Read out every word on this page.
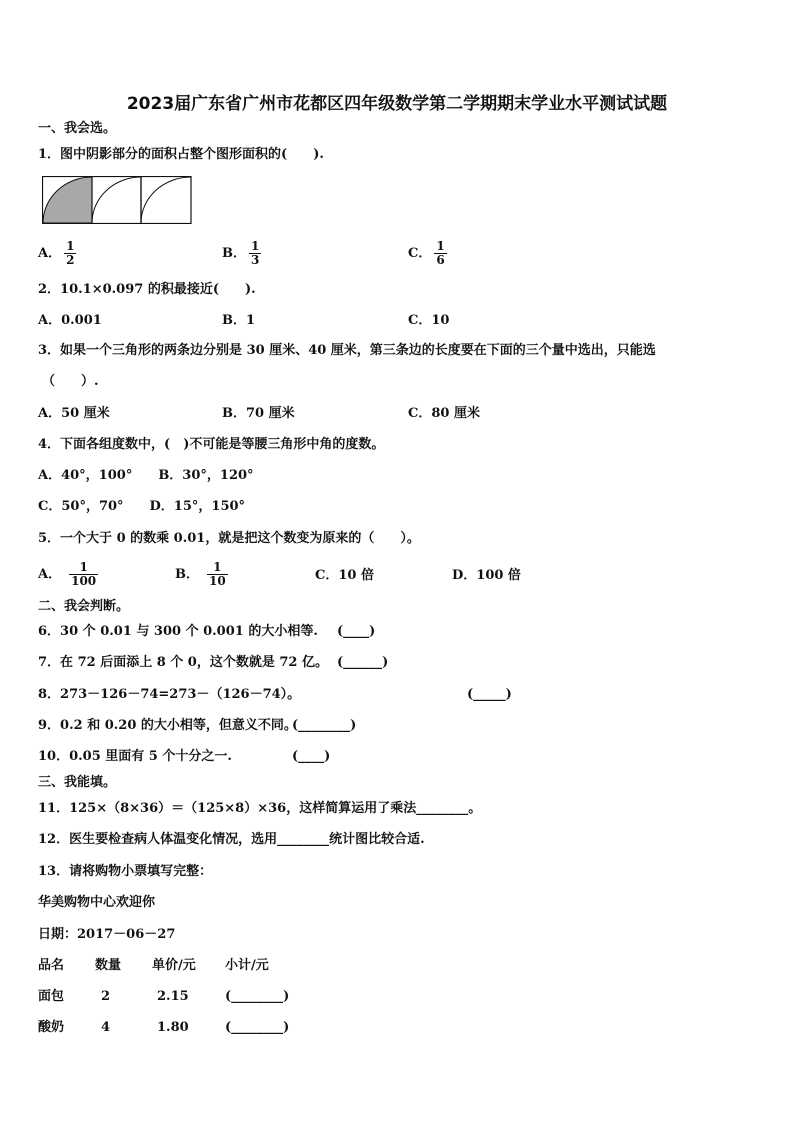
2023届广东省广州市花都区四年级数学第二学期期末学业水平测试试题
一、我会选。
1．图中阴影部分的面积占整个图形面积的(　　).
A． $\frac{1}{2}$	B． $\frac{1}{3}$	C． $\frac{1}{6}$
2．10.1×0.097 的积最接近(　　).
A．0.001	B．1	C．10
3．如果一个三角形的两条边分别是 30 厘米、40 厘米，第三条边的长度要在下面的三个量中选出，只能选
（　　）.
A．50 厘米	B．70 厘米	C．80 厘米
4．下面各组度数中，(　)不可能是等腰三角形中角的度数。
A．40°，100°　　B．30°，120°
C．50°，70°　　D．15°，150°
5．一个大于 0 的数乘 0.01，就是把这个数变为原来的（　　）。
A． $\frac{1}{100}$	B． $\frac{1}{10}$	C．10 倍	D．100 倍
二、我会判断。
6．30 个 0.01 与 300 个 0.001 的大小相等. (____)
7．在 72 后面添上 8 个 0，这个数就是 72 亿。 (______)
8．273－126－74=273－（126－74）。	(_____)
9．0.2 和 0.20 的大小相等，但意义不同。
(________)
10．0.05 里面有 5 个十分之一.	(____)
三、我能填。
11．125×（8×36）＝（125×8）×36，这样简算运用了乘法________。
12．医生要检查病人体温变化情况，选用________统计图比较合适.
13．请将购物小票填写完整：
华美购物中心欢迎你
日期：2017－06－27
品名 数量 单价/元 小计/元
面包	2	2.15	(________)
酸奶	4	1.80	(________)
